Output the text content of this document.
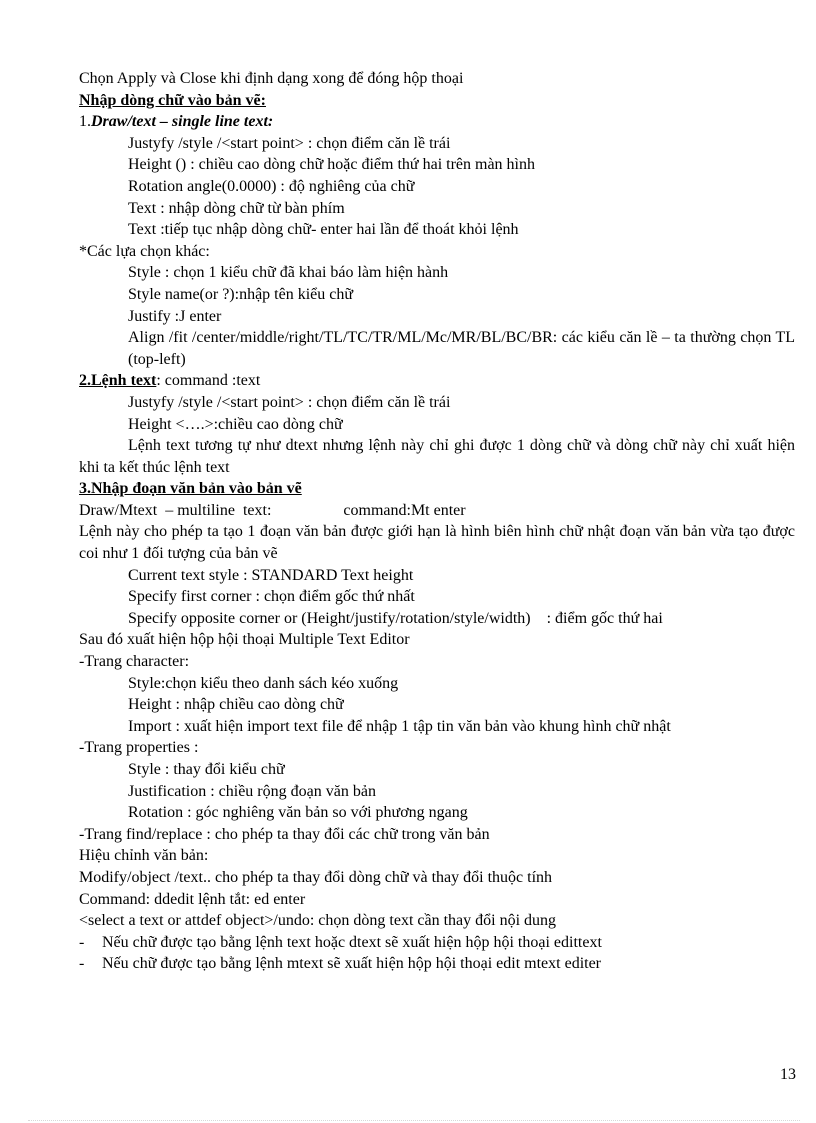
Chọn Apply và Close khi định dạng xong để đóng hộp thoại
Nhập dòng chữ vào bản vẽ:
1.Draw/text – single line text:
Justyfy /style /<start point> : chọn điểm căn lề trái
Height () : chiều cao dòng chữ hoặc điểm thứ hai trên màn hình
Rotation angle(0.0000) : độ nghiêng của chữ
Text : nhập dòng chữ từ bàn phím
Text :tiếp tục nhập dòng chữ- enter hai lần để thoát khỏi lệnh
*Các lựa chọn khác:
Style : chọn 1 kiểu chữ đã khai báo làm hiện hành
Style name(or ?):nhập tên kiểu chữ
Justify :J enter
Align /fit /center/middle/right/TL/TC/TR/ML/Mc/MR/BL/BC/BR: các kiểu căn lề – ta thường chọn TL (top-left)
2.Lệnh text: command :text
Justyfy /style /<start point> : chọn điểm căn lề trái
Height <….>:chiều cao dòng chữ
Lệnh text tương tự như dtext nhưng lệnh này chỉ ghi được 1 dòng chữ và dòng chữ này chỉ xuất hiện khi ta kết thúc lệnh text
3.Nhập đoạn văn bản vào bản vẽ
Draw/Mtext  – multiline  text:                  command:Mt enter
Lệnh này cho phép ta tạo 1 đoạn văn bản được giới hạn là hình biên hình chữ nhật đoạn văn bản vừa tạo được coi như 1 đối tượng của bản vẽ
Current text style : STANDARD Text height
Specify first corner : chọn điểm gốc thứ nhất
Specify opposite corner or (Height/justify/rotation/style/width)    : điểm gốc thứ hai
Sau đó xuất hiện hộp hội thoại Multiple Text Editor
-Trang character:
Style:chọn kiểu theo danh sách kéo xuống
Height : nhập chiều cao dòng chữ
Import : xuất hiện import text file để nhập 1 tập tin văn bản vào khung hình chữ nhật
-Trang properties :
Style : thay đổi kiểu chữ
Justification : chiều rộng đoạn văn bản
Rotation : góc nghiêng văn bản so với phương ngang
-Trang find/replace : cho phép ta thay đổi các chữ trong văn bản
Hiệu chỉnh văn bản:
Modify/object /text.. cho phép ta thay đổi dòng chữ và thay đổi thuộc tính
Command: ddedit lệnh tắt: ed enter
<select a text or attdef object>/undo: chọn dòng text cần thay đổi nội dung
- Nếu chữ được tạo bằng lệnh text hoặc dtext sẽ xuất hiện hộp hội thoại edittext
- Nếu chữ được tạo bằng lệnh mtext sẽ xuất hiện hộp hội thoại edit mtext editer
13
